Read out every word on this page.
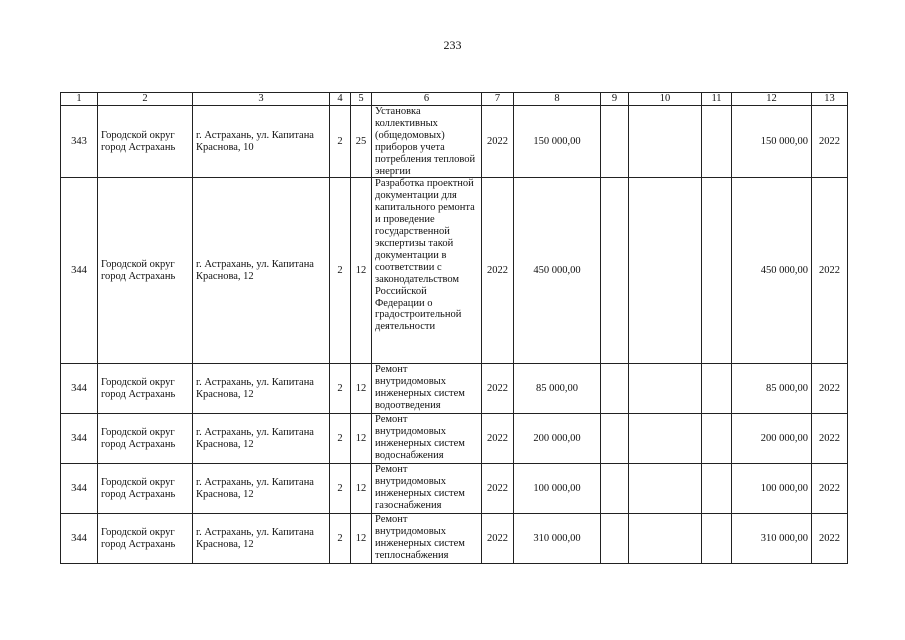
233
1	2	3	4	5	6	7	8	9	10	11	12	13
343	Городской округ город Астрахань	г. Астрахань, ул. Капитана Краснова, 10	2	25	Установка коллективных (общедомовых) приборов учета потребления тепловой энергии	2022	150 000,00				150 000,00	2022
344	Городской округ город Астрахань	г. Астрахань, ул. Капитана Краснова, 12	2	12	Разработка проектной документации для капитального ремонта и проведение государственной экспертизы такой документации в соответствии с законодательством Российской Федерации о градостроительной деятельности	2022	450 000,00				450 000,00	2022
344	Городской округ город Астрахань	г. Астрахань, ул. Капитана Краснова, 12	2	12	Ремонт внутридомовых инженерных систем водоотведения	2022	85 000,00				85 000,00	2022
344	Городской округ город Астрахань	г. Астрахань, ул. Капитана Краснова, 12	2	12	Ремонт внутридомовых инженерных систем водоснабжения	2022	200 000,00				200 000,00	2022
344	Городской округ город Астрахань	г. Астрахань, ул. Капитана Краснова, 12	2	12	Ремонт внутридомовых инженерных систем газоснабжения	2022	100 000,00				100 000,00	2022
344	Городской округ город Астрахань	г. Астрахань, ул. Капитана Краснова, 12	2	12	Ремонт внутридомовых инженерных систем теплоснабжения	2022	310 000,00				310 000,00	2022
